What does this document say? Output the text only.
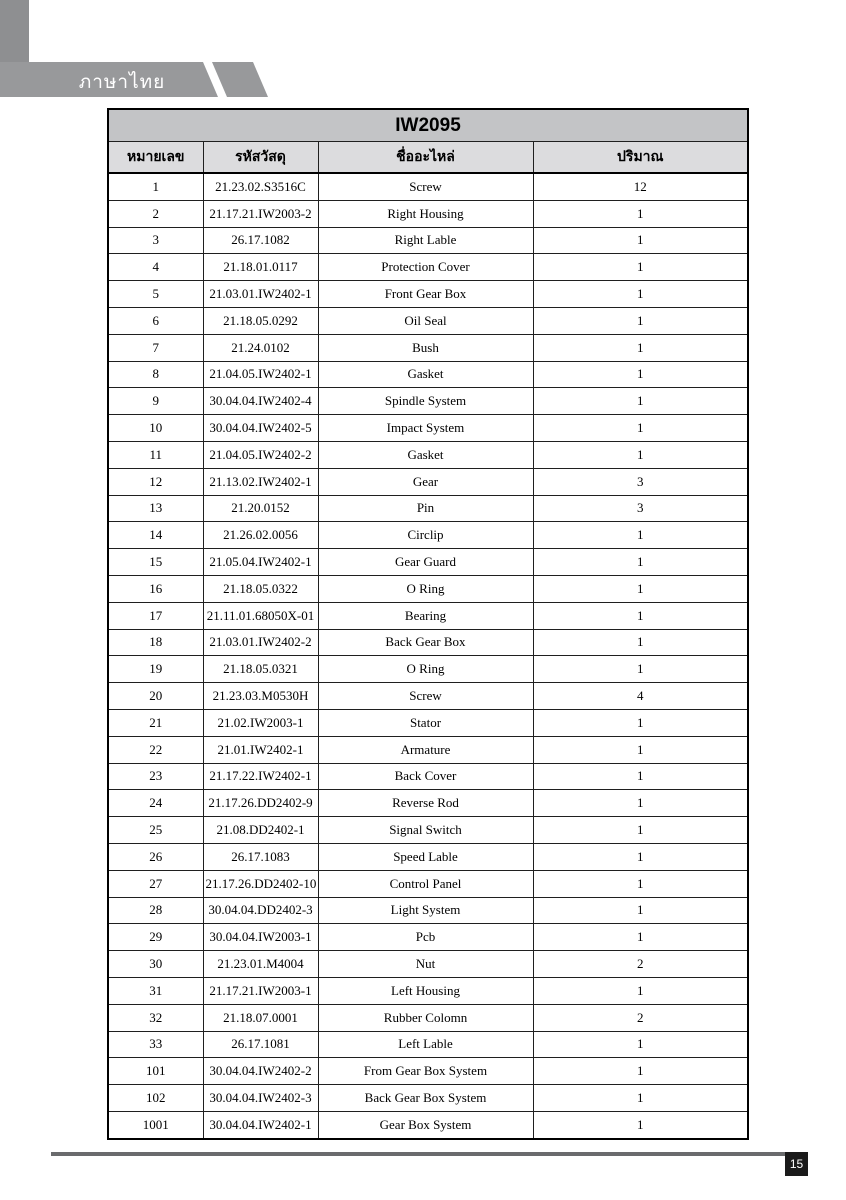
ภาษาไทย
IW2095			
หมายเลข	รหัสวัสดุ	ชื่ออะไหล่	ปริมาณ
1	21.23.02.S3516C	Screw	12
2	21.17.21.IW2003-2	Right Housing	1
3	26.17.1082	Right Lable	1
4	21.18.01.0117	Protection Cover	1
5	21.03.01.IW2402-1	Front Gear Box	1
6	21.18.05.0292	Oil Seal	1
7	21.24.0102	Bush	1
8	21.04.05.IW2402-1	Gasket	1
9	30.04.04.IW2402-4	Spindle System	1
10	30.04.04.IW2402-5	Impact System	1
11	21.04.05.IW2402-2	Gasket	1
12	21.13.02.IW2402-1	Gear	3
13	21.20.0152	Pin	3
14	21.26.02.0056	Circlip	1
15	21.05.04.IW2402-1	Gear Guard	1
16	21.18.05.0322	O Ring	1
17	21.11.01.68050X-01	Bearing	1
18	21.03.01.IW2402-2	Back Gear Box	1
19	21.18.05.0321	O Ring	1
20	21.23.03.M0530H	Screw	4
21	21.02.IW2003-1	Stator	1
22	21.01.IW2402-1	Armature	1
23	21.17.22.IW2402-1	Back Cover	1
24	21.17.26.DD2402-9	Reverse Rod	1
25	21.08.DD2402-1	Signal Switch	1
26	26.17.1083	Speed Lable	1
27	21.17.26.DD2402-10	Control Panel	1
28	30.04.04.DD2402-3	Light System	1
29	30.04.04.IW2003-1	Pcb	1
30	21.23.01.M4004	Nut	2
31	21.17.21.IW2003-1	Left Housing	1
32	21.18.07.0001	Rubber Colomn	2
33	26.17.1081	Left Lable	1
101	30.04.04.IW2402-2	From Gear Box System	1
102	30.04.04.IW2402-3	Back Gear Box System	1
1001	30.04.04.IW2402-1	Gear Box System	1
15
